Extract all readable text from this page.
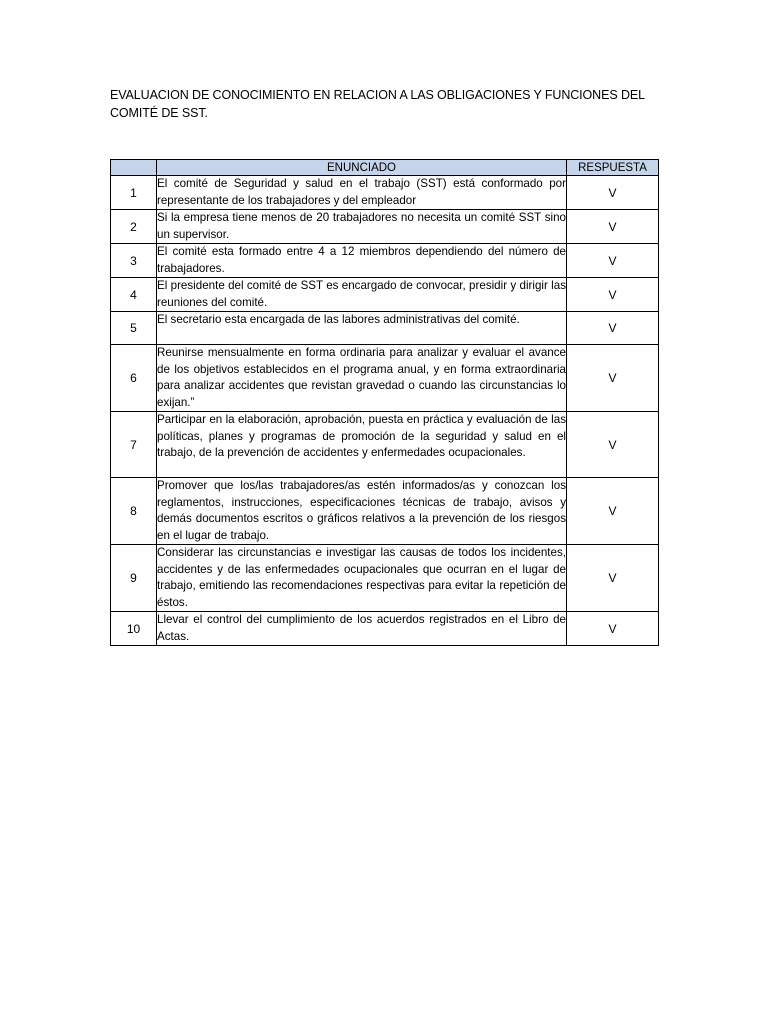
EVALUACION DE CONOCIMIENTO EN RELACION A LAS OBLIGACIONES Y FUNCIONES DEL COMITÉ DE SST.
	ENUNCIADO	RESPUESTA
1	El comité de Seguridad y salud en el trabajo (SST) está conformado por representante de los trabajadores y del empleador	V
2	Si la empresa tiene menos de 20 trabajadores no necesita un comité SST sino un supervisor.	V
3	El comité esta formado entre 4 a 12 miembros dependiendo del número de trabajadores.	V
4	El presidente del comité de SST es encargado de convocar, presidir y dirigir las reuniones del comité.	V
5	El secretario esta encargada de las labores administrativas del comité.	V
6	Reunirse mensualmente en forma ordinaria para analizar y evaluar el avance de los objetivos establecidos en el programa anual, y en forma extraordinaria para analizar accidentes que revistan gravedad o cuando las circunstancias lo exijan.”	V
7	Participar en la elaboración, aprobación, puesta en práctica y evaluación de las políticas, planes y programas de promoción de la seguridad y salud en el trabajo, de la prevención de accidentes y enfermedades ocupacionales.	V
8	Promover que los/las trabajadores/as estén informados/as y conozcan los reglamentos, instrucciones, especificaciones técnicas de trabajo, avisos y demás documentos escritos o gráficos relativos a la prevención de los riesgos en el lugar de trabajo.	V
9	Considerar las circunstancias e investigar las causas de todos los incidentes, accidentes y de las enfermedades ocupacionales que ocurran en el lugar de trabajo, emitiendo las recomendaciones respectivas para evitar la repetición de éstos.	V
10	Llevar el control del cumplimiento de los acuerdos registrados en el Libro de Actas.	V
